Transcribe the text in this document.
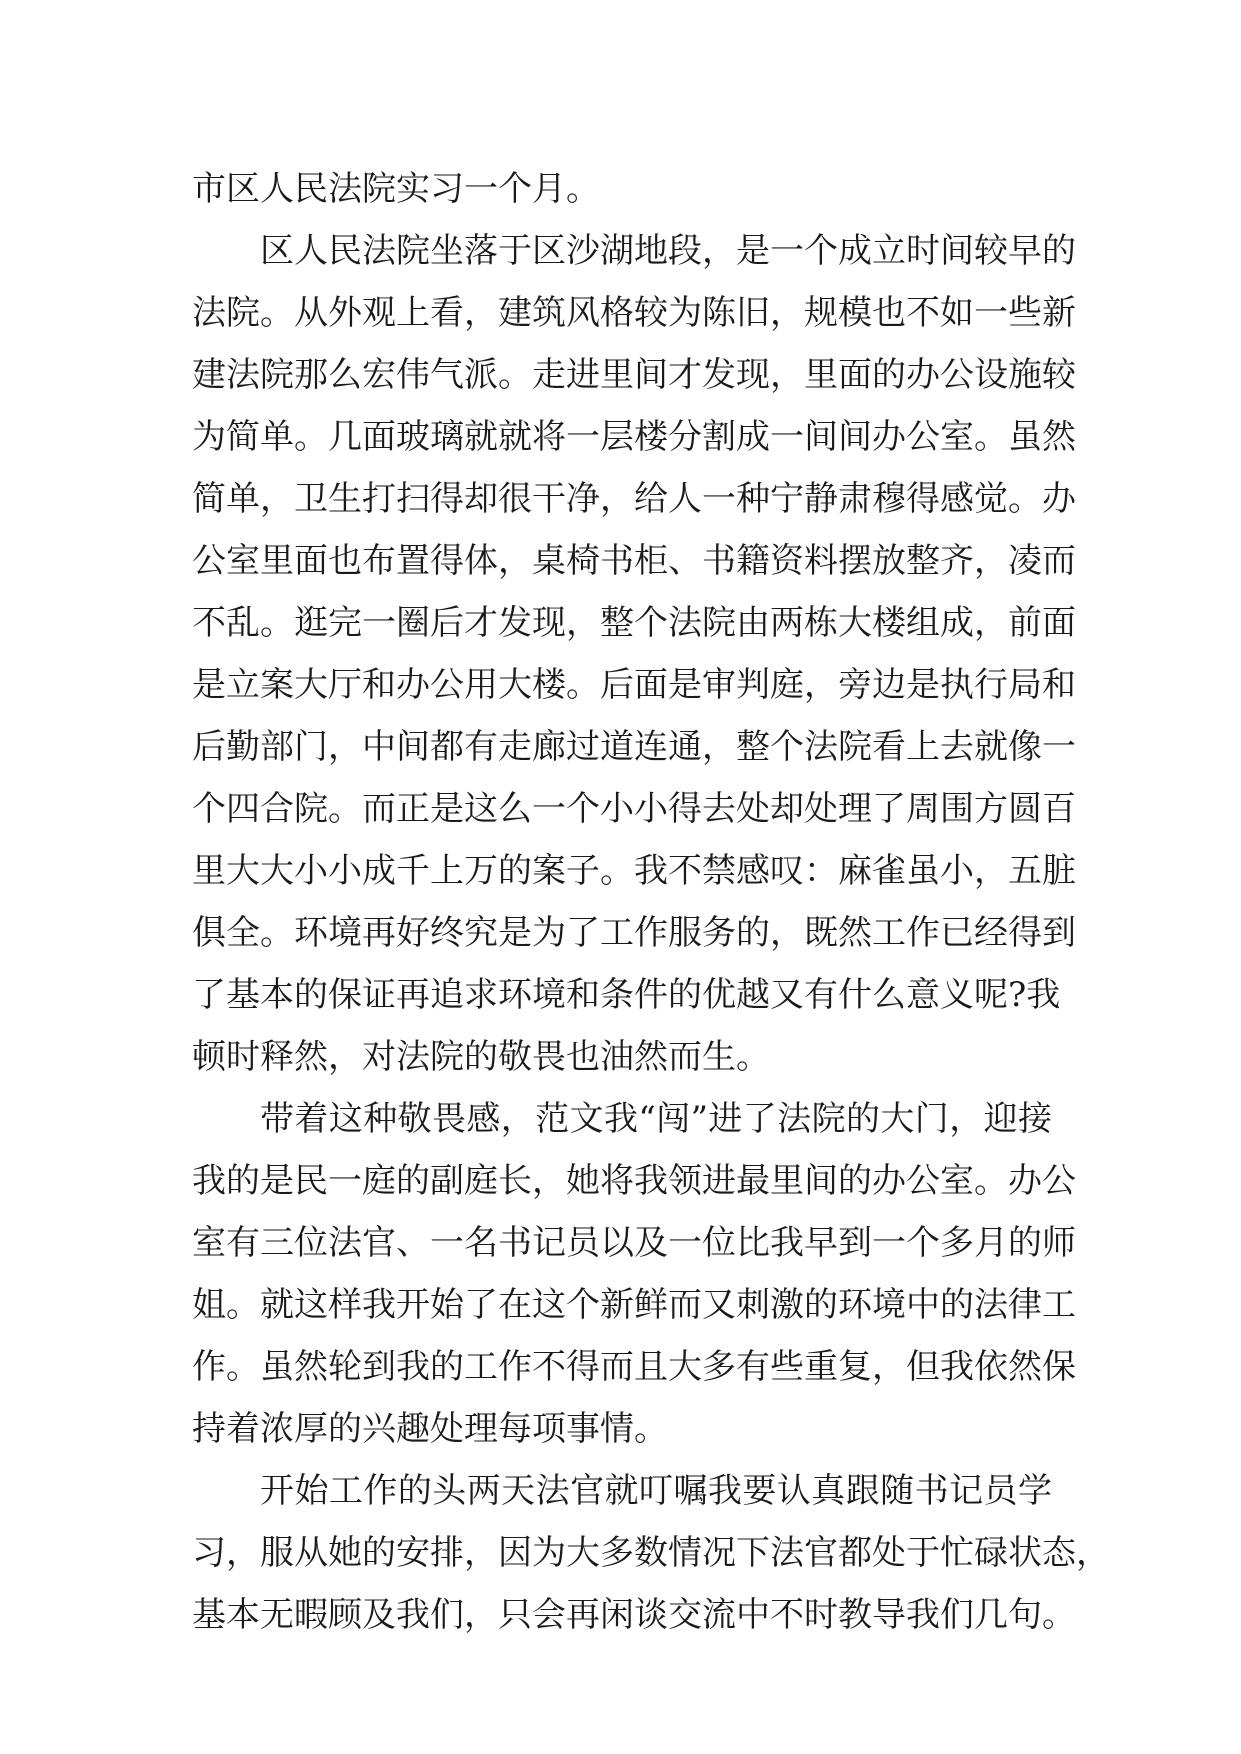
市区人民法院实习一个月。
区人民法院坐落于区沙湖地段，是一个成立时间较早的
法院。从外观上看，建筑风格较为陈旧，规模也不如一些新
建法院那么宏伟气派。走进里间才发现，里面的办公设施较
为简单。几面玻璃就就将一层楼分割成一间间办公室。虽然
简单，卫生打扫得却很干净，给人一种宁静肃穆得感觉。办
公室里面也布置得体，桌椅书柜、书籍资料摆放整齐，凌而
不乱。逛完一圈后才发现，整个法院由两栋大楼组成，前面
是立案大厅和办公用大楼。后面是审判庭，旁边是执行局和
后勤部门，中间都有走廊过道连通，整个法院看上去就像一
个四合院。而正是这么一个小小得去处却处理了周围方圆百
里大大小小成千上万的案子。我不禁感叹：麻雀虽小，五脏
俱全。环境再好终究是为了工作服务的，既然工作已经得到
了基本的保证再追求环境和条件的优越又有什么意义呢?我
顿时释然，对法院的敬畏也油然而生。
带着这种敬畏感，范文我“闯”进了法院的大门，迎接
我的是民一庭的副庭长，她将我领进最里间的办公室。办公
室有三位法官、一名书记员以及一位比我早到一个多月的师
姐。就这样我开始了在这个新鲜而又刺激的环境中的法律工
作。虽然轮到我的工作不得而且大多有些重复，但我依然保
持着浓厚的兴趣处理每项事情。
开始工作的头两天法官就叮嘱我要认真跟随书记员学
习，服从她的安排，因为大多数情况下法官都处于忙碌状态，
基本无暇顾及我们，只会再闲谈交流中不时教导我们几句。
